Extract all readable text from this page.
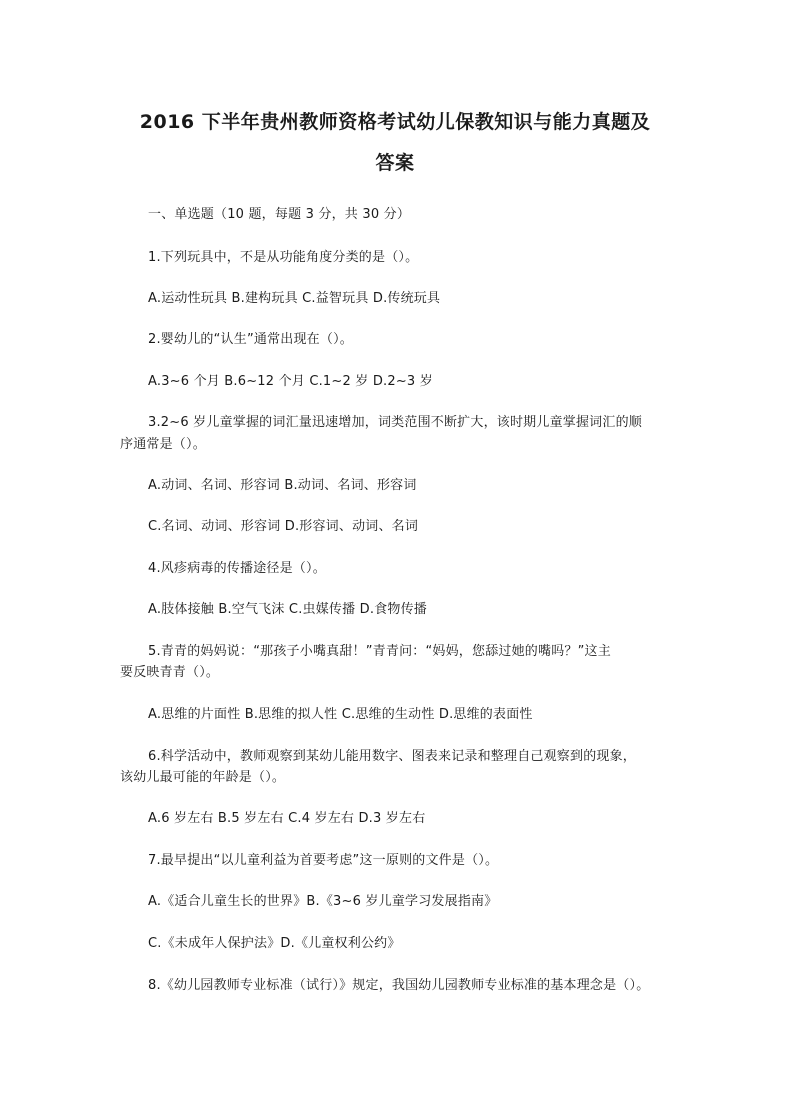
2016 下半年贵州教师资格考试幼儿保教知识与能力真题及
答案
一、单选题（10 题，每题 3 分，共 30 分）
1.下列玩具中，不是从功能角度分类的是（）。
A.运动性玩具 B.建构玩具 C.益智玩具 D.传统玩具
2.婴幼儿的“认生”通常出现在（）。
A.3~6 个月 B.6~12 个月 C.1~2 岁 D.2~3 岁
3.2~6 岁儿童掌握的词汇量迅速增加，词类范围不断扩大，该时期儿童掌握词汇的顺
序通常是（）。
A.动词、名词、形容词 B.动词、名词、形容词
C.名词、动词、形容词 D.形容词、动词、名词
4.风疹病毒的传播途径是（）。
A.肢体接触 B.空气飞沫 C.虫媒传播 D.食物传播
5.青青的妈妈说：“那孩子小嘴真甜！”青青问：“妈妈，您舔过她的嘴吗？”这主
要反映青青（）。
A.思维的片面性 B.思维的拟人性 C.思维的生动性 D.思维的表面性
6.科学活动中，教师观察到某幼儿能用数字、图表来记录和整理自己观察到的现象，
该幼儿最可能的年龄是（）。
A.6 岁左右 B.5 岁左右 C.4 岁左右 D.3 岁左右
7.最早提出“以儿童利益为首要考虑”这一原则的文件是（）。
A.《适合儿童生长的世界》B.《3~6 岁儿童学习发展指南》
C.《未成年人保护法》D.《儿童权利公约》
8.《幼儿园教师专业标准（试行）》规定，我国幼儿园教师专业标准的基本理念是（）。
